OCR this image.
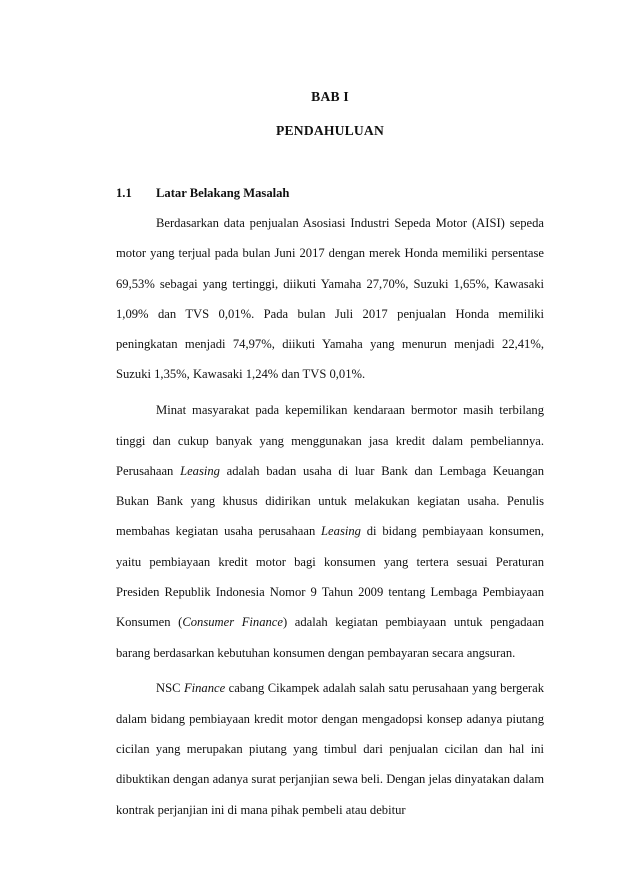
BAB I
PENDAHULUAN
1.1 Latar Belakang Masalah

Berdasarkan data penjualan Asosiasi Industri Sepeda Motor (AISI) sepeda motor yang terjual pada bulan Juni 2017 dengan merek Honda memiliki persentase 69,53% sebagai yang tertinggi, diikuti Yamaha 27,70%, Suzuki 1,65%, Kawasaki 1,09% dan TVS 0,01%. Pada bulan Juli 2017 penjualan Honda memiliki peningkatan menjadi 74,97%, diikuti Yamaha yang menurun menjadi 22,41%, Suzuki 1,35%, Kawasaki 1,24% dan TVS 0,01%.

Minat masyarakat pada kepemilikan kendaraan bermotor masih terbilang tinggi dan cukup banyak yang menggunakan jasa kredit dalam pembeliannya. Perusahaan Leasing adalah badan usaha di luar Bank dan Lembaga Keuangan Bukan Bank yang khusus didirikan untuk melakukan kegiatan usaha. Penulis membahas kegiatan usaha perusahaan Leasing di bidang pembiayaan konsumen, yaitu pembiayaan kredit motor bagi konsumen yang tertera sesuai Peraturan Presiden Republik Indonesia Nomor 9 Tahun 2009 tentang Lembaga Pembiayaan Konsumen (Consumer Finance) adalah kegiatan pembiayaan untuk pengadaan barang berdasarkan kebutuhan konsumen dengan pembayaran secara angsuran.

NSC Finance cabang Cikampek adalah salah satu perusahaan yang bergerak dalam bidang pembiayaan kredit motor dengan mengadopsi konsep adanya piutang cicilan yang merupakan piutang yang timbul dari penjualan cicilan dan hal ini dibuktikan dengan adanya surat perjanjian sewa beli. Dengan jelas dinyatakan dalam kontrak perjanjian ini di mana pihak pembeli atau debitur
